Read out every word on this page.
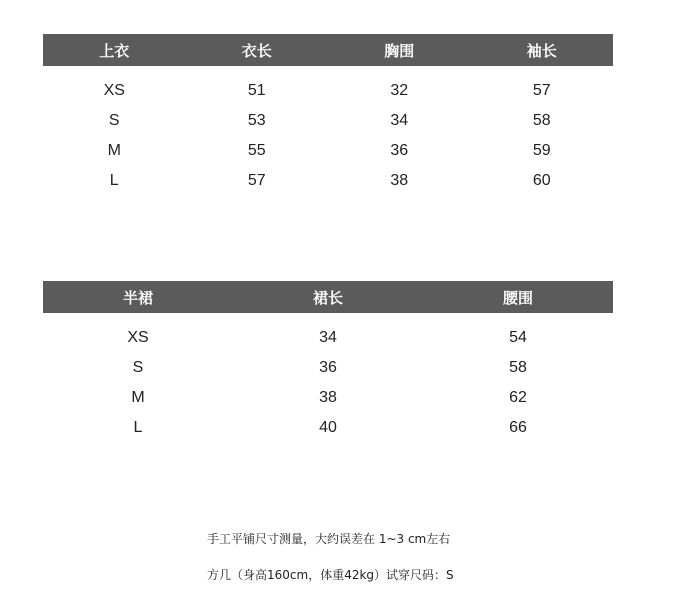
上衣	衣长	胸围	袖长
XS	51	32	57
S	53	34	58
M	55	36	59
L	57	38	60
半裙	裙长	腰围
XS	34	54
S	36	58
M	38	62
L	40	66
手工平铺尺寸测量，大约误差在 1~3 cm左右
方几（身高160cm，体重42kg）试穿尺码：S
